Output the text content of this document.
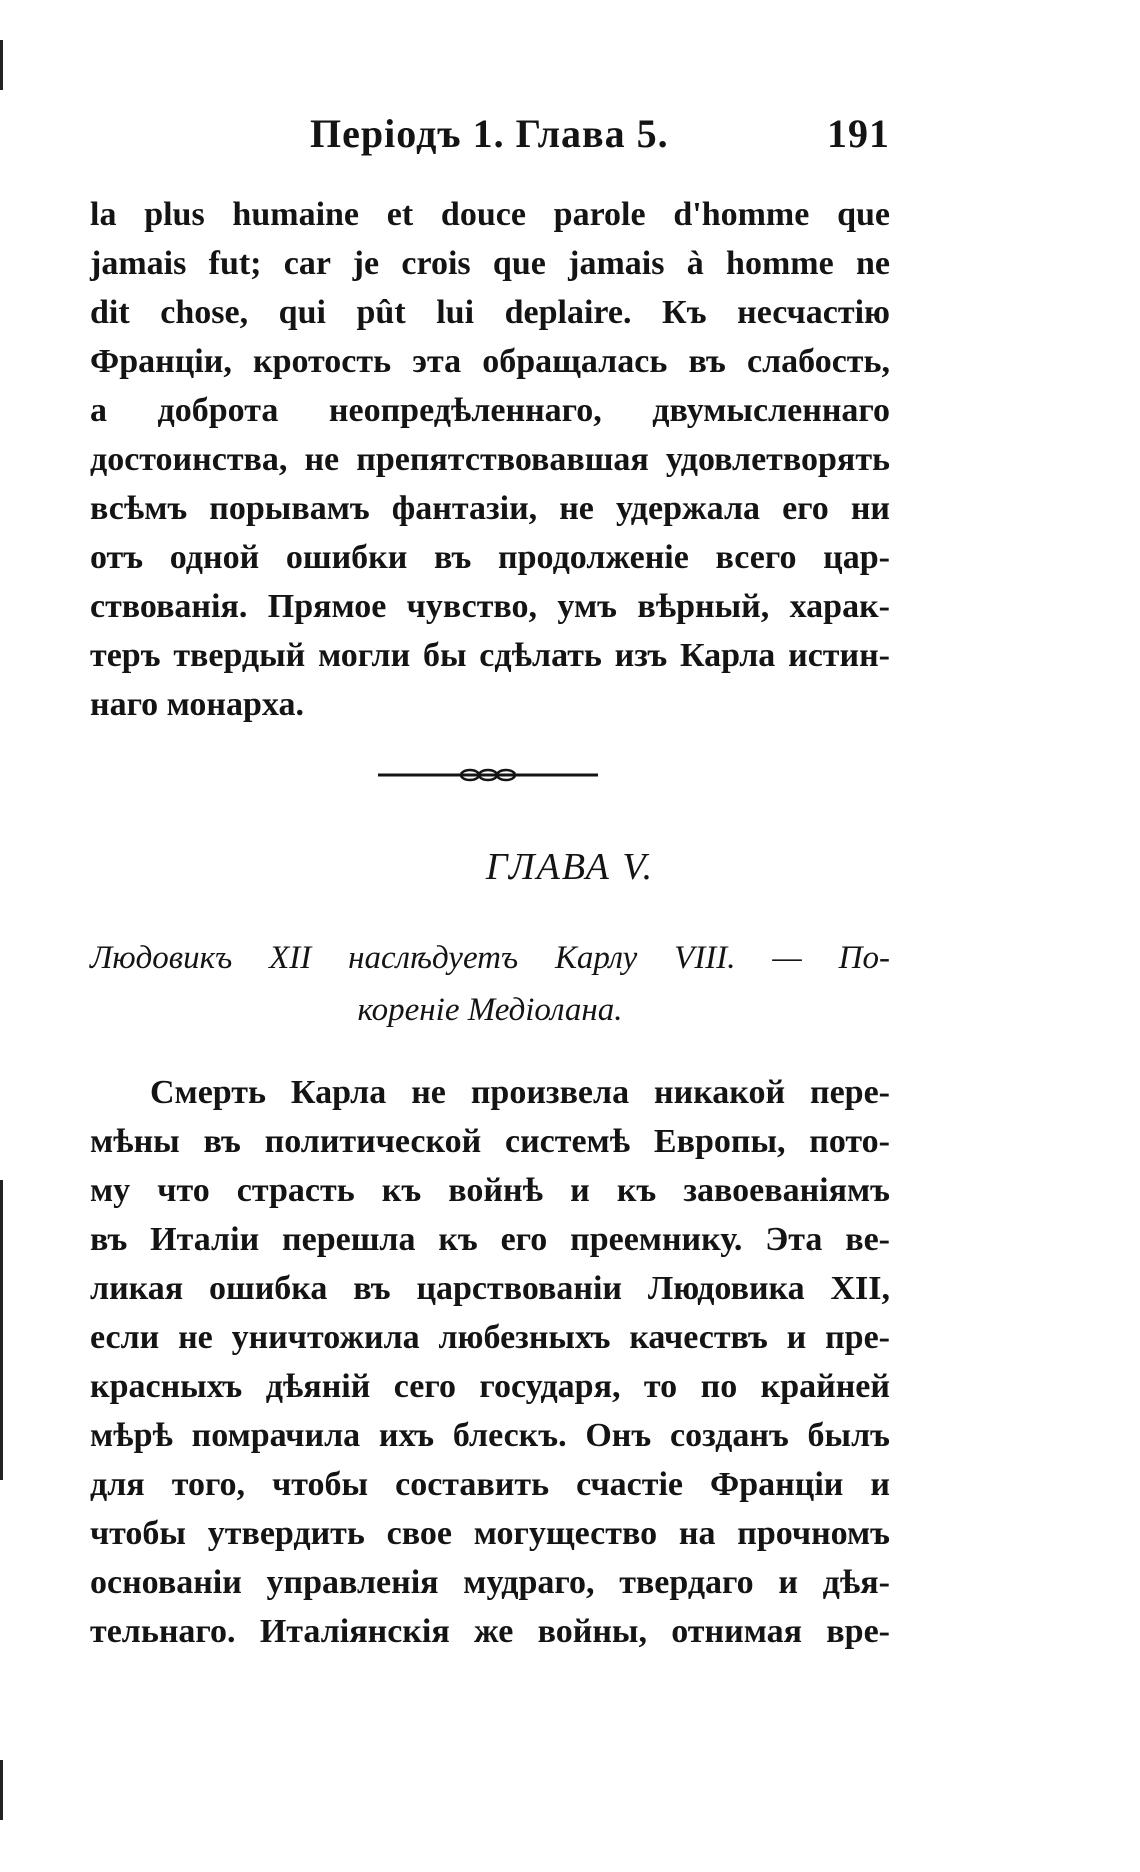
Періодъ 1. Глава 5.	191
la plus humaine et douce parole d'homme que
jamais fut; car je crois que jamais à homme ne
dit chose, qui pût lui deplaire. Къ несчастію
Франціи, кротость эта обращалась въ слабость,
а доброта неопредѣленнаго, двумысленнаго
достоинства, не препятствовавшая удовлетворять
всѣмъ порывамъ фантазіи, не удержала его ни
отъ одной ошибки въ продолженіе всего цар-
ствованія. Прямое чувство, умъ вѣрный, харак-
теръ твердый могли бы сдѣлать изъ Карла истин-
наго монарха.
ГЛАВА V.
Людовикъ XII наслѣдуетъ Карлу VIII. — По-
кореніе Медіолана.
Смерть Карла не произвела никакой пере-
мѣны въ политической системѣ Европы, пото-
му что страсть къ войнѣ и къ завоеваніямъ
въ Италіи перешла къ его преемнику. Эта ве-
ликая ошибка въ царствованіи Людовика XII,
если не уничтожила любезныхъ качествъ и пре-
красныхъ дѣяній сего государя, то по крайней
мѣрѣ помрачила ихъ блескъ. Онъ созданъ былъ
для того, чтобы составить счастіе Франціи и
чтобы утвердить свое могущество на прочномъ
основаніи управленія мудраго, твердаго и дѣя-
тельнаго. Италіянскія же войны, отнимая вре-
